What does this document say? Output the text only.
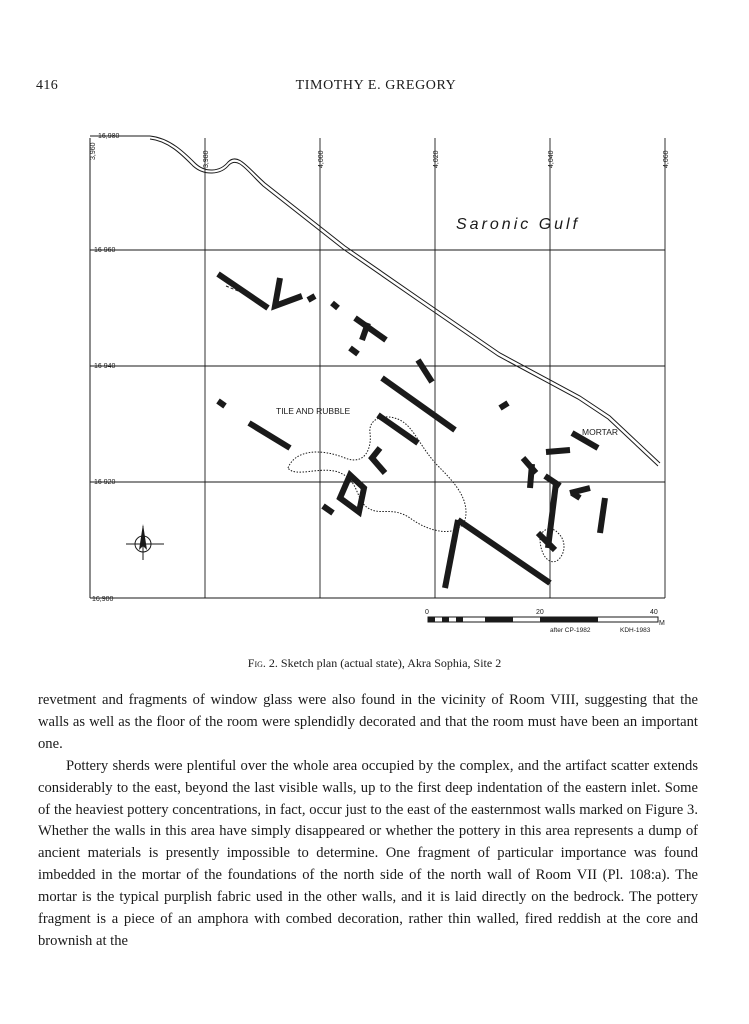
416	TIMOTHY E. GREGORY
3,960	3,980	4,000	4,020	4,040	4,060
16,980
16 960
16 940
16 920
16,900
Saronic Gulf
TILE AND RUBBLE
MORTAR
0	20	40
M
after CP-1982	KDH-1983
Fig. 2. Sketch plan (actual state), Akra Sophia, Site 2

revetment and fragments of window glass were also found in the vicinity of Room VIII, suggesting that the walls as well as the floor of the room were splendidly decorated and that the room must have been an important one.

Pottery sherds were plentiful over the whole area occupied by the complex, and the artifact scatter extends considerably to the east, beyond the last visible walls, up to the first deep indentation of the eastern inlet. Some of the heaviest pottery concentrations, in fact, occur just to the east of the easternmost walls marked on Figure 3. Whether the walls in this area have simply disappeared or whether the pottery in this area represents a dump of ancient materials is presently impossible to determine. One fragment of particular importance was found imbedded in the mortar of the foundations of the north side of the north wall of Room VII (Pl. 108:a). The mortar is the typical purplish fabric used in the other walls, and it is laid directly on the bedrock. The pottery fragment is a piece of an amphora with combed decoration, rather thin walled, fired reddish at the core and brownish at the
